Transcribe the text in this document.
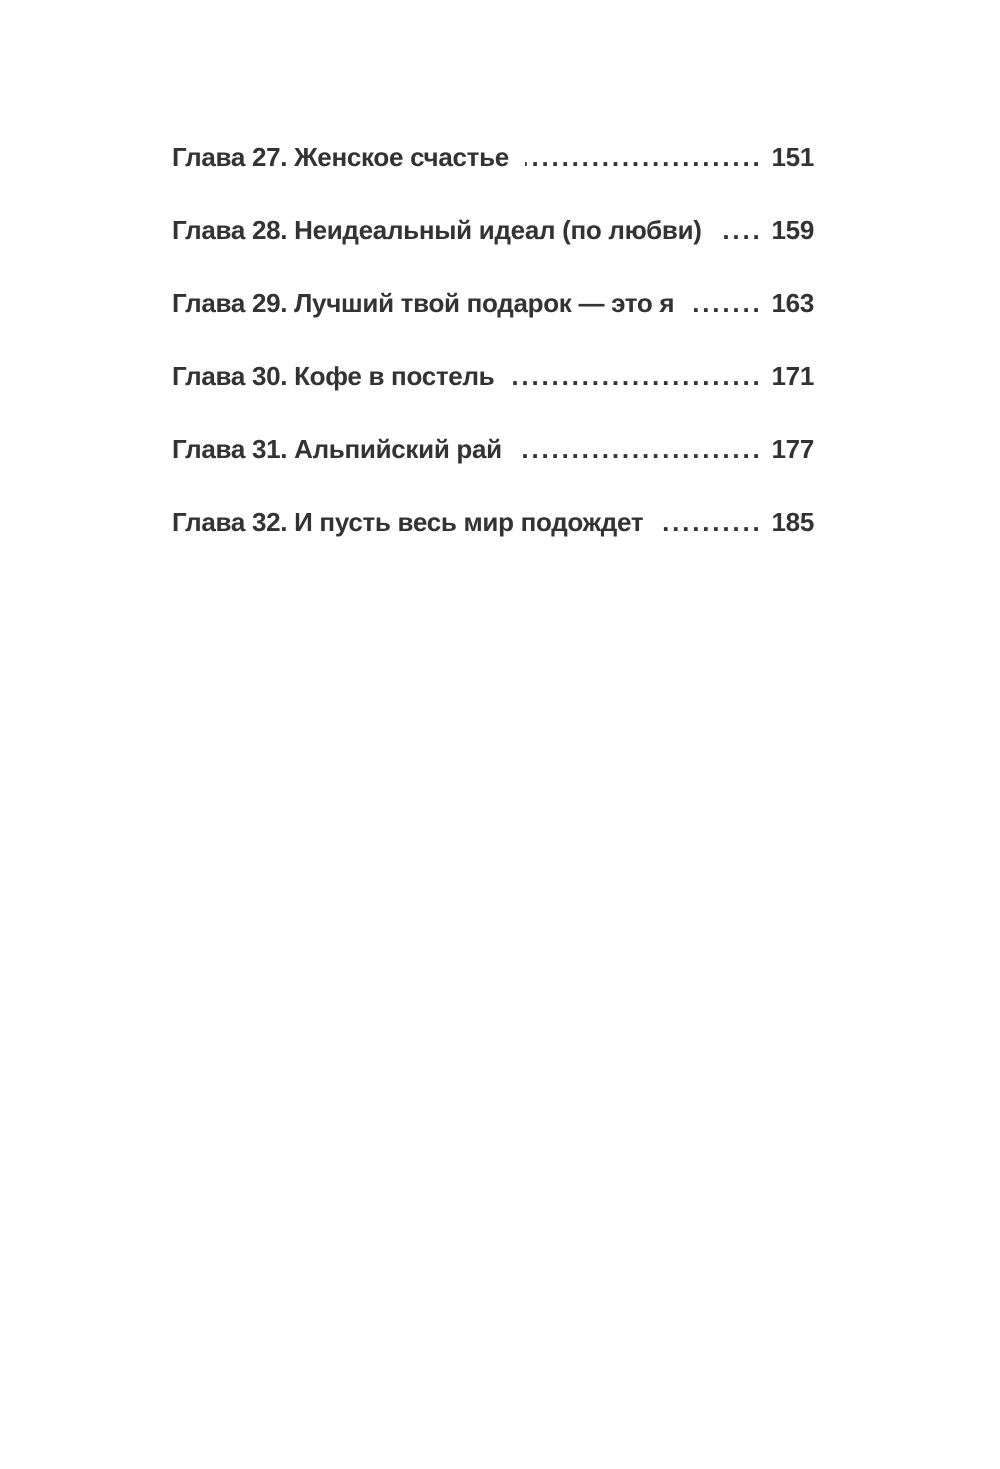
Глава 27. Женское счастье . . .	151
Глава 28. Неидеальный идеал (по любви) . . .	159
Глава 29. Лучший твой подарок — это я . . .	163
Глава 30. Кофе в постель . . .	171
Глава 31. Альпийский рай . . .	177
Глава 32. И пусть весь мир подождет . . .	185
